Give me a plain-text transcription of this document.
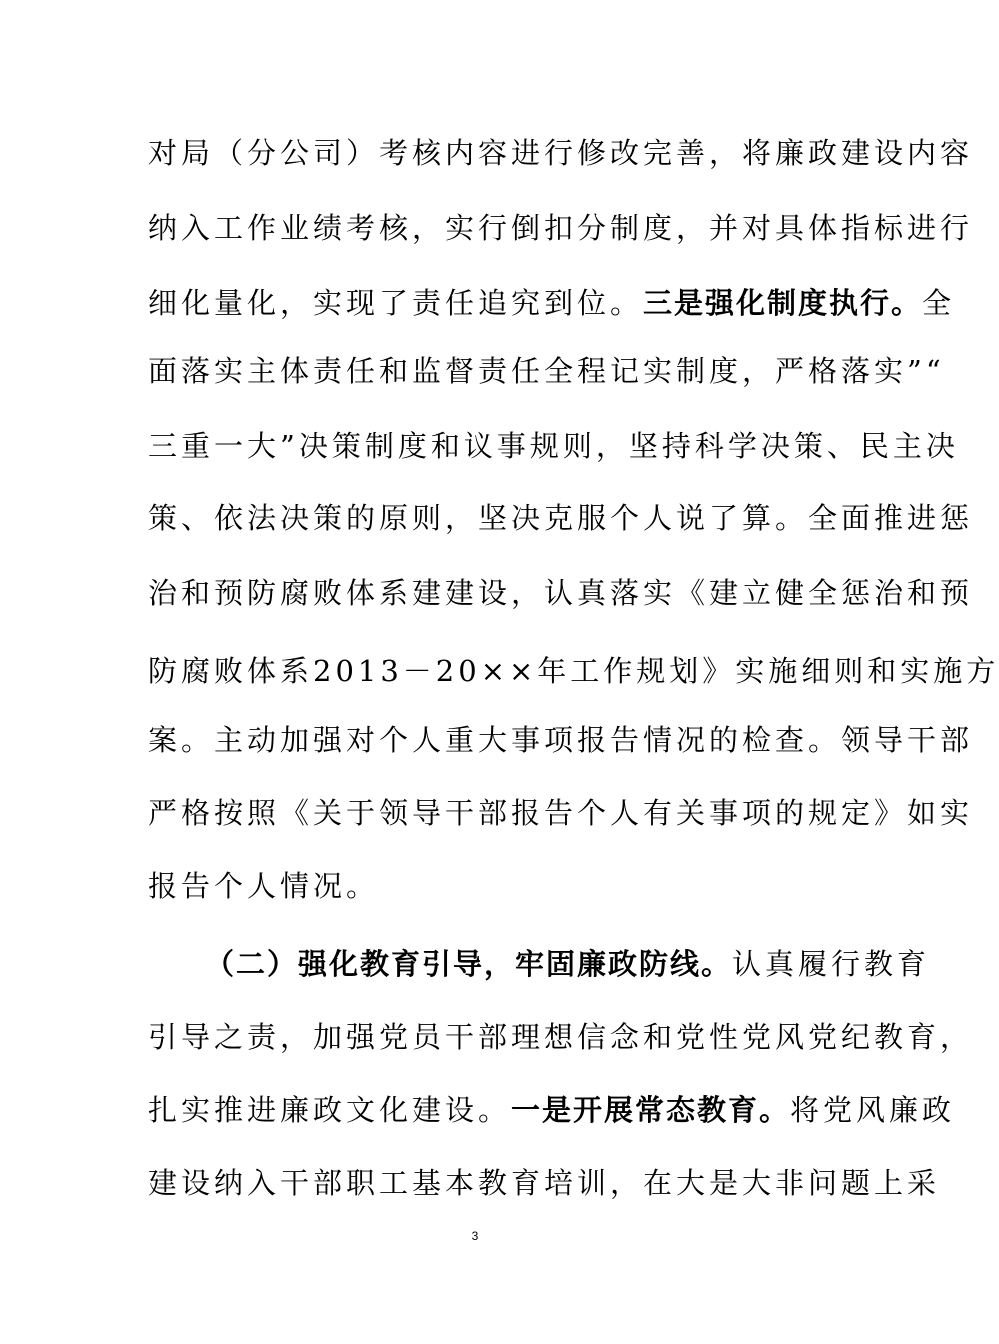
对局（分公司）考核内容进行修改完善，将廉政建设内容
纳入工作业绩考核，实行倒扣分制度，并对具体指标进行
细化量化，实现了责任追究到位。三是强化制度执行。全
面落实主体责任和监督责任全程记实制度，严格落实”“
三重一大”决策制度和议事规则，坚持科学决策、民主决
策、依法决策的原则，坚决克服个人说了算。全面推进惩
治和预防腐败体系建建设，认真落实《建立健全惩治和预
防腐败体系2013－20××年工作规划》实施细则和实施方
案。主动加强对个人重大事项报告情况的检查。领导干部
严格按照《关于领导干部报告个人有关事项的规定》如实
报告个人情况。
（二）强化教育引导，牢固廉政防线。认真履行教育
引导之责，加强党员干部理想信念和党性党风党纪教育，
扎实推进廉政文化建设。一是开展常态教育。将党风廉政
建设纳入干部职工基本教育培训，在大是大非问题上采
3
